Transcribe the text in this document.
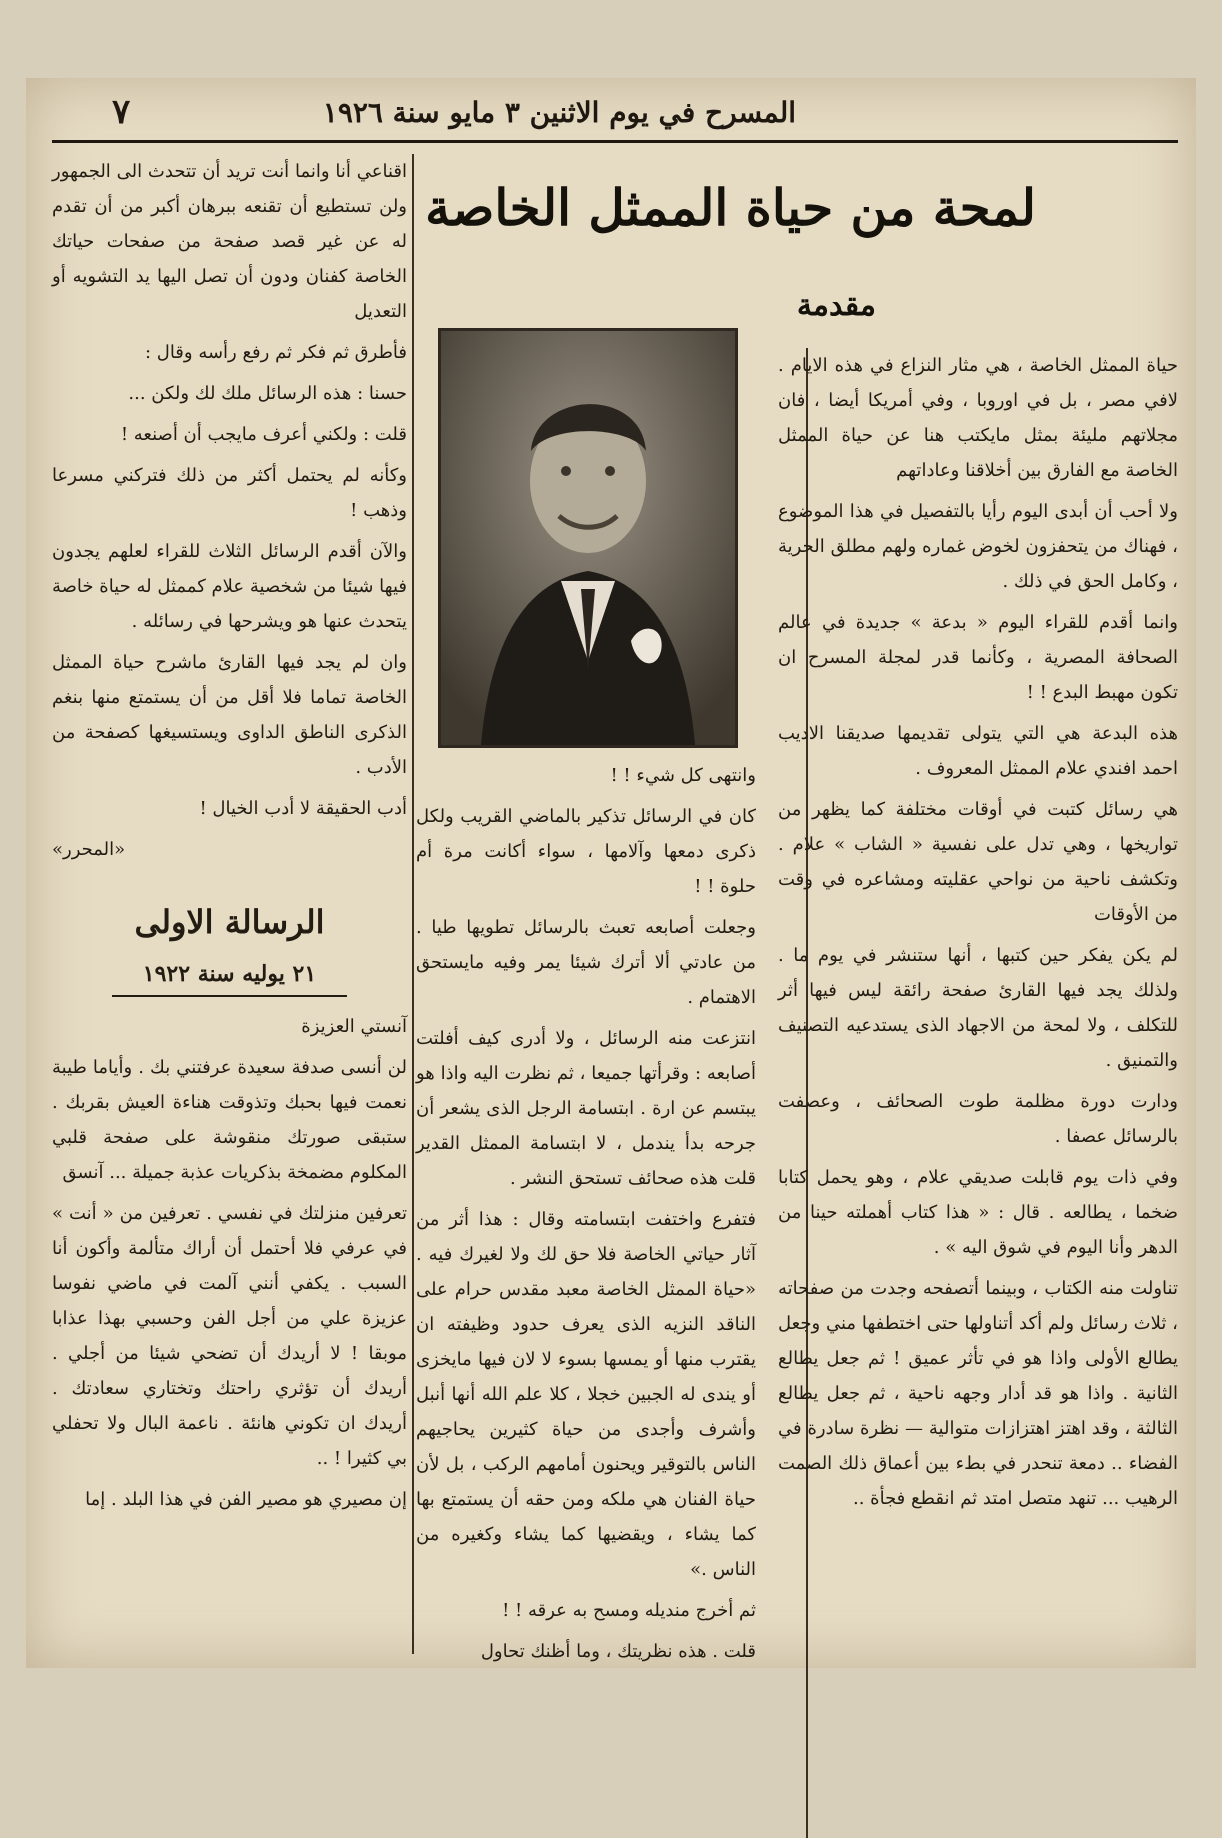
المسرح في يوم الاثنين ٣ مايو سنة ١٩٢٦
٧
لمحة من حياة الممثل الخاصة
مقدمة

حياة الممثل الخاصة ، هي مثار النزاع في هذه الايام . لافي مصر ، بل في اوروبا ، وفي أمريكا أيضا ، فان مجلاتهم مليئة بمثل مايكتب هنا عن حياة الممثل الخاصة مع الفارق بين أخلاقنا وعاداتهم

ولا أحب أن أبدى اليوم رأيا بالتفصيل في هذا الموضوع ، فهناك من يتحفزون لخوض غماره ولهم مطلق الحرية ، وكامل الحق في ذلك .

وانما أقدم للقراء اليوم « بدعة » جديدة في عالم الصحافة المصرية ، وكأنما قدر لمجلة المسرح ان تكون مهبط البدع ! !

هذه البدعة هي التي يتولى تقديمها صديقنا الاديب احمد افندي علام الممثل المعروف .

هي رسائل كتبت في أوقات مختلفة كما يظهر من تواريخها ، وهي تدل على نفسية « الشاب » علام . وتكشف ناحية من نواحي عقليته ومشاعره في وقت من الأوقات

لم يكن يفكر حين كتبها ، أنها ستنشر في يوم ما . ولذلك يجد فيها القارئ صفحة رائقة ليس فيها أثر للتكلف ، ولا لمحة من الاجهاد الذى يستدعيه التصنيف والتمنيق .

ودارت دورة مظلمة طوت الصحائف ، وعصفت بالرسائل عصفا .

وفي ذات يوم قابلت صديقي علام ، وهو يحمل كتابا ضخما ، يطالعه . قال : « هذا كتاب أهملته حينا من الدهر وأنا اليوم في شوق اليه » .

تناولت منه الكتاب ، وبينما أتصفحه وجدت من صفحاته ، ثلاث رسائل ولم أكد أتناولها حتى اختطفها مني وجعل يطالع الأولى واذا هو في تأثر عميق ! ثم جعل يطالع الثانية . واذا هو قد أدار وجهه ناحية ، ثم جعل يطالع الثالثة ، وقد اهتز اهتزازات متوالية — نظرة سادرة في الفضاء .. دمعة تنحدر في بطء بين أعماق ذلك الصمت الرهيب ... تنهد متصل امتد ثم انقطع فجأة ..

وانتهى كل شيء ! !

كان في الرسائل تذكير بالماضي القريب ولكل ذكرى دمعها وآلامها ، سواء أكانت مرة أم حلوة ! !

وجعلت أصابعه تعبث بالرسائل تطويها طيا . من عادتي ألا أترك شيئا يمر وفيه مايستحق الاهتمام .

انتزعت منه الرسائل ، ولا أدرى كيف أفلتت أصابعه : وقرأتها جميعا ، ثم نظرت اليه واذا هو يبتسم عن ارة . ابتسامة الرجل الذى يشعر أن جرحه بدأ يندمل ، لا ابتسامة الممثل القدير قلت هذه صحائف تستحق النشر .

فتفرع واختفت ابتسامته وقال : هذا أثر من آثار حياتي الخاصة فلا حق لك ولا لغيرك فيه . «حياة الممثل الخاصة معبد مقدس حرام على الناقد النزيه الذى يعرف حدود وظيفته ان يقترب منها أو يمسها بسوء لا لان فيها مايخزى أو يندى له الجبين خجلا ، كلا علم الله أنها أنبل وأشرف وأجدى من حياة كثيرين يحاجيهم الناس بالتوقير ويحنون أمامهم الركب ، بل لأن حياة الفنان هي ملكه ومن حقه أن يستمتع بها كما يشاء ، ويقضيها كما يشاء وكغيره من الناس .»

ثم أخرج منديله ومسح به عرقه ! !

قلت . هذه نظريتك ، وما أظنك تحاول

اقناعي أنا وانما أنت تريد أن تتحدث الى الجمهور ولن تستطيع أن تقنعه ببرهان أكبر من أن تقدم له عن غير قصد صفحة من صفحات حياتك الخاصة كفنان ودون أن تصل اليها يد التشويه أو التعديل

فأطرق ثم فكر ثم رفع رأسه وقال :

حسنا : هذه الرسائل ملك لك ولكن ...

قلت : ولكني أعرف مايجب أن أصنعه !

وكأنه لم يحتمل أكثر من ذلك فتركني مسرعا وذهب !

والآن أقدم الرسائل الثلاث للقراء لعلهم يجدون فيها شيئا من شخصية علام كممثل له حياة خاصة يتحدث عنها هو ويشرحها في رسائله .

وان لم يجد فيها القارئ ماشرح حياة الممثل الخاصة تماما فلا أقل من أن يستمتع منها بنغم الذكرى الناطق الداوى ويستسيغها كصفحة من الأدب .

أدب الحقيقة لا أدب الخيال !

«المحرر»

الرسالة الاولى
٢١ يوليه سنة ١٩٢٢

آنستي العزيزة

لن أنسى صدفة سعيدة عرفتني بك . وأياما طيبة نعمت فيها بحبك وتذوقت هناءة العيش بقربك . ستبقى صورتك منقوشة على صفحة قلبي المكلوم مضمخة بذكريات عذبة جميلة ... آنسق

تعرفين منزلتك في نفسي . تعرفين من « أنت » في عرفي فلا أحتمل أن أراك متألمة وأكون أنا السبب . يكفي أنني آلمت في ماضي نفوسا عزيزة علي من أجل الفن وحسبي بهذا عذابا موبقا ! لا أريدك أن تضحي شيئا من أجلي . أريدك أن تؤثري راحتك وتختاري سعادتك . أريدك ان تكوني هانئة . ناعمة البال ولا تحفلي بي كثيرا ! ..

إن مصيري هو مصير الفن في هذا البلد . إما
